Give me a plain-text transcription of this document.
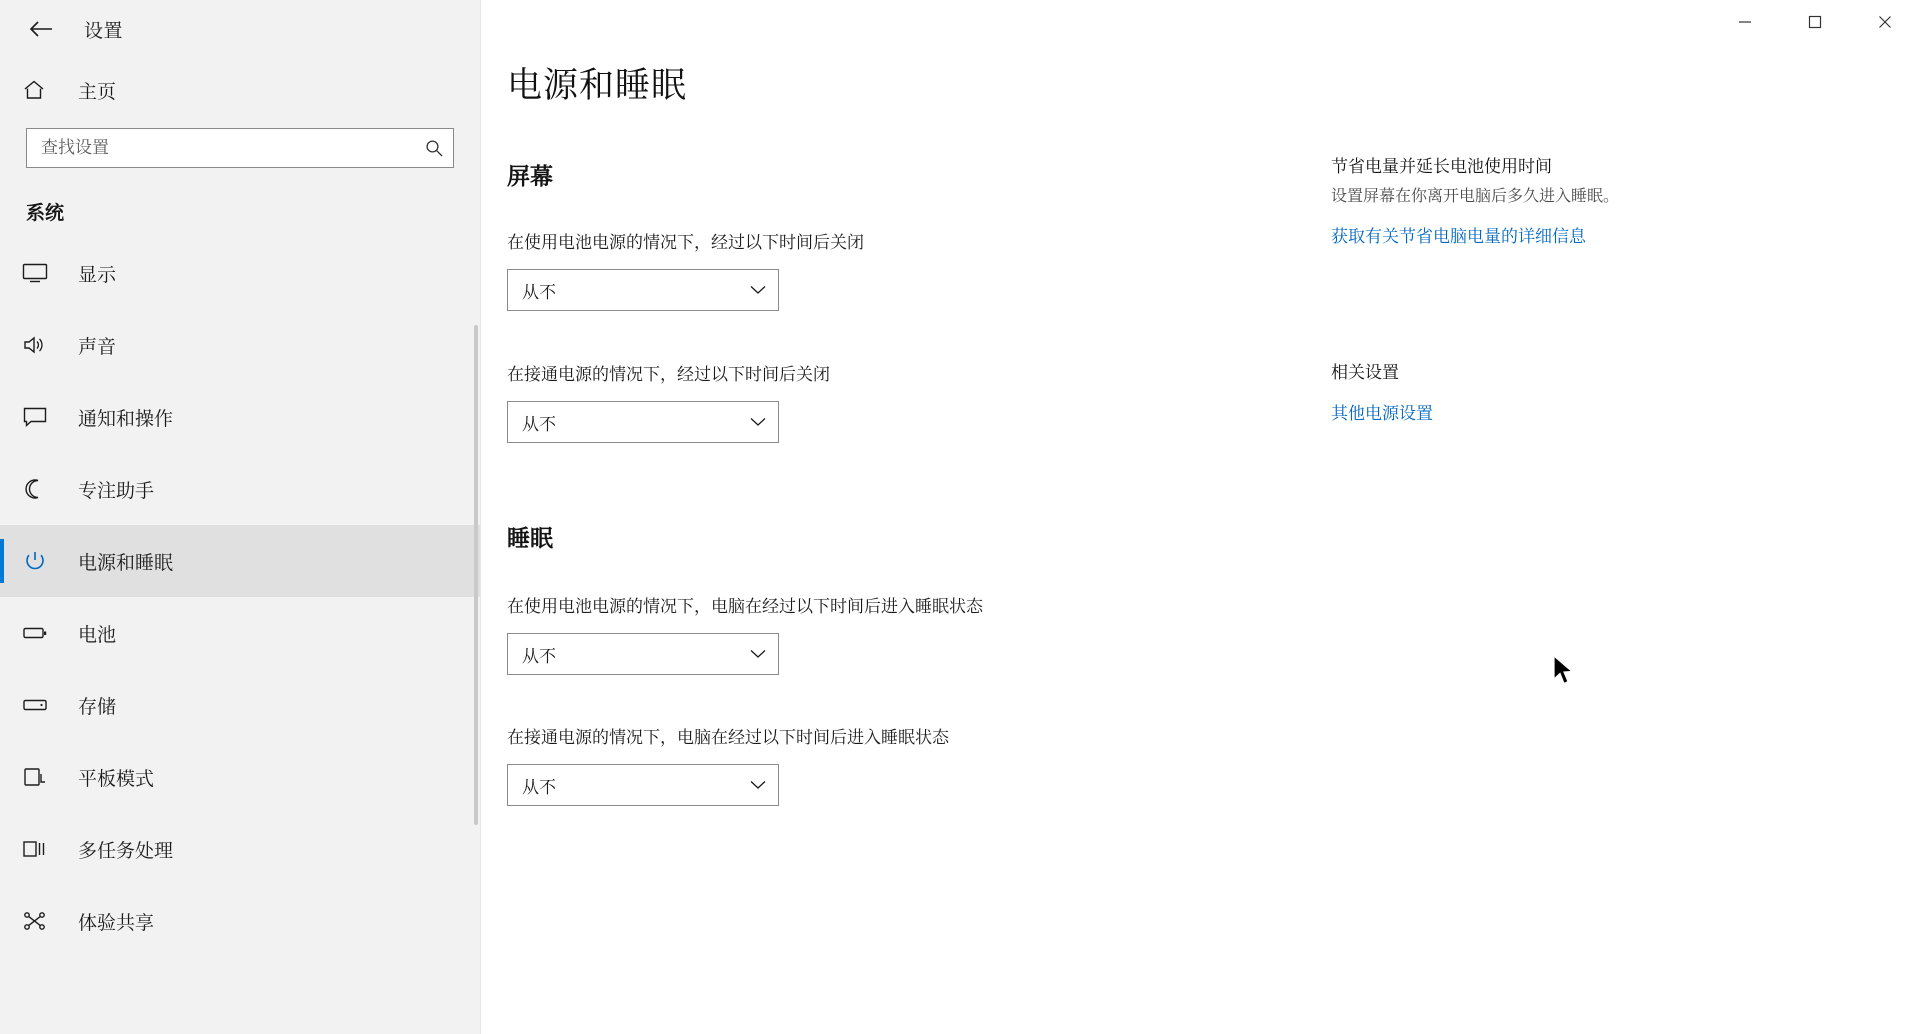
设置
主页
查找设置
系统
显示
声音
通知和操作
专注助手
电源和睡眠
电池
存储
平板模式
多任务处理
体验共享
电源和睡眠
屏幕
在使用电池电源的情况下，经过以下时间后关闭
从不
在接通电源的情况下，经过以下时间后关闭
从不
睡眠
在使用电池电源的情况下，电脑在经过以下时间后进入睡眠状态
从不
在接通电源的情况下，电脑在经过以下时间后进入睡眠状态
从不
节省电量并延长电池使用时间
设置屏幕在你离开电脑后多久进入睡眠。
获取有关节省电脑电量的详细信息
相关设置
其他电源设置
